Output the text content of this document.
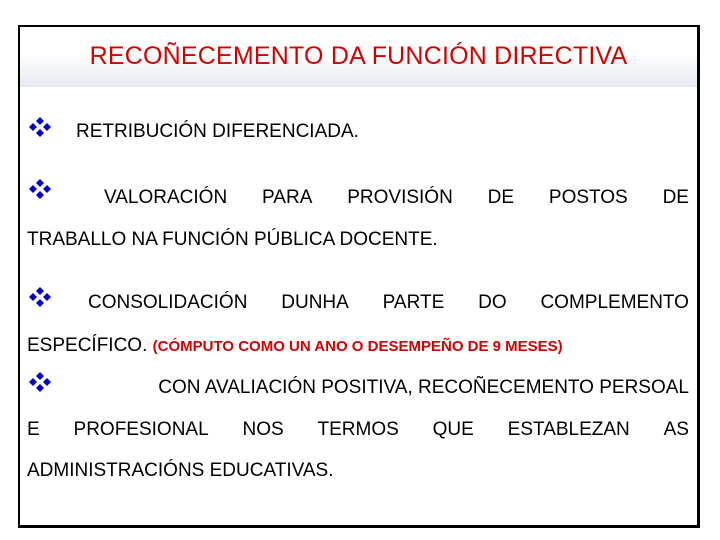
RECOÑECEMENTO DA FUNCIÓN DIRECTIVA
RETRIBUCIÓN DIFERENCIADA.
VALORACIÓN PARA PROVISIÓN DE POSTOS DE
TRABALLO NA FUNCIÓN PÚBLICA DOCENTE.
CONSOLIDACIÓN DUNHA PARTE DO COMPLEMENTO
ESPECÍFICO. (CÓMPUTO COMO UN ANO O DESEMPEÑO DE 9 MESES)
CON AVALIACIÓN POSITIVA, RECOÑECEMENTO PERSOAL
E PROFESIONAL NOS TERMOS QUE ESTABLEZAN AS
ADMINISTRACIÓNS EDUCATIVAS.
